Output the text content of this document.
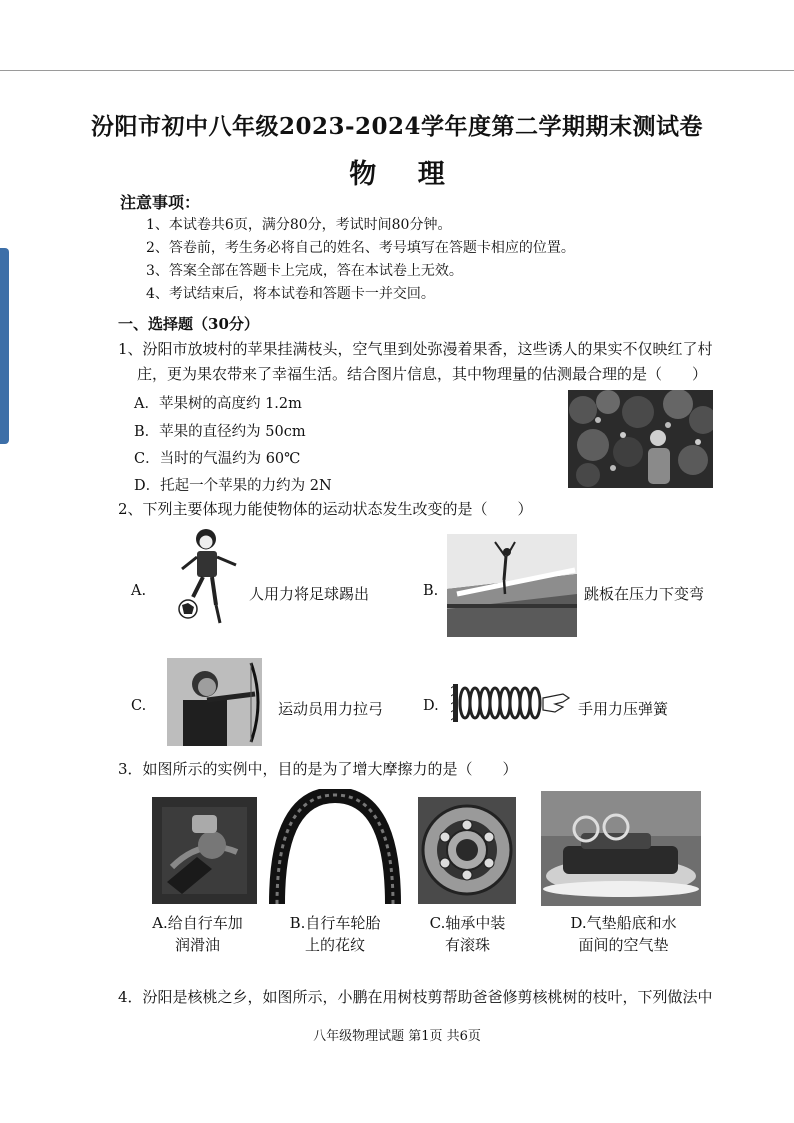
汾阳市初中八年级2023-2024学年度第二学期期末测试卷
物 理
注意事项：
1、本试卷共6页，满分80分，考试时间80分钟。
2、答卷前，考生务必将自己的姓名、考号填写在答题卡相应的位置。
3、答案全部在答题卡上完成，答在本试卷上无效。
4、考试结束后，将本试卷和答题卡一并交回。
一、选择题（30分）
1、汾阳市放坡村的苹果挂满枝头，空气里到处弥漫着果香，这些诱人的果实不仅映红了村
庄，更为果农带来了幸福生活。结合图片信息，其中物理量的估测最合理的是（　　）
A．苹果树的高度约 1.2m
B．苹果的直径约为 50cm
C．当时的气温约为 60℃
D．托起一个苹果的力约为 2N
2、下列主要体现力能使物体的运动状态发生改变的是（　　）
A.	人用力将足球踢出	B.	跳板在压力下变弯
C.	运动员用力拉弓	D.	手用力压弹簧
3．如图所示的实例中，目的是为了增大摩擦力的是（　　）
A.给自行车加
润滑油
B.自行车轮胎
上的花纹
C.轴承中装
有滚珠
D.气垫船底和水
面间的空气垫
4．汾阳是核桃之乡，如图所示，小鹏在用树枝剪帮助爸爸修剪核桃树的枝叶，下列做法中
八年级物理试题 第1页 共6页
